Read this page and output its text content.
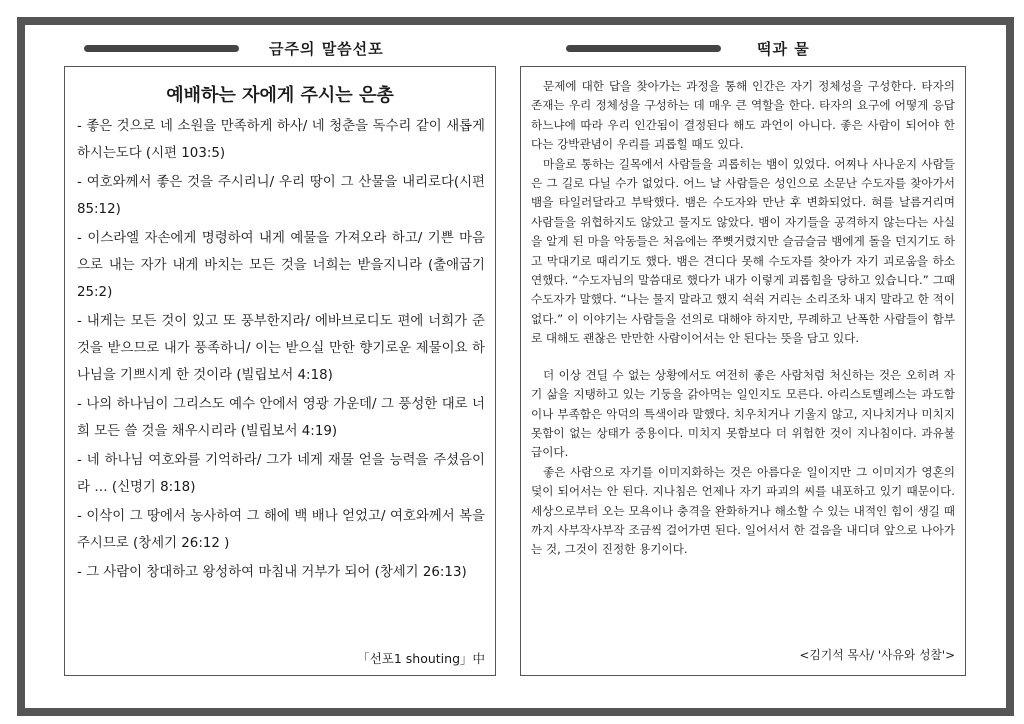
금주의 말씀선포	떡과 물
예배하는 자에게 주시는 은총
- 좋은 것으로 네 소원을 만족하게 하사/ 네 청춘을 독수리 같이 새롭게 하시는도다 (시편 103:5)
- 여호와께서 좋은 것을 주시리니/ 우리 땅이 그 산물을 내리로다(시편 85:12)
- 이스라엘 자손에게 명령하여 내게 예물을 가져오라 하고/ 기쁜 마음으로 내는 자가 내게 바치는 모든 것을 너희는 받을지니라 (출애굽기 25:2)
- 내게는 모든 것이 있고 또 풍부한지라/ 에바브로디도 편에 너희가 준 것을 받으므로 내가 풍족하니/ 이는 받으실 만한 향기로운 제물이요 하나님을 기쁘시게 한 것이라 (빌립보서 4:18)
- 나의 하나님이 그리스도 예수 안에서 영광 가운데/ 그 풍성한 대로 너희 모든 쓸 것을 채우시리라 (빌립보서 4:19)
- 네 하나님 여호와를 기억하라/ 그가 네게 재물 얻을 능력을 주셨음이라 … (신명기 8:18)
- 이삭이 그 땅에서 농사하여 그 해에 백 배나 얻었고/ 여호와께서 복을 주시므로 (창세기 26:12 )
- 그 사람이 창대하고 왕성하여 마침내 거부가 되어 (창세기 26:13)
「선포1 shouting」中

문제에 대한 답을 찾아가는 과정을 통해 인간은 자기 정체성을 구성한다. 타자의 존재는 우리 정체성을 구성하는 데 매우 큰 역할을 한다. 타자의 요구에 어떻게 응답하느냐에 따라 우리 인간됨이 결정된다 해도 과언이 아니다. 좋은 사람이 되어야 한다는 강박관념이 우리를 괴롭힐 때도 있다.

마을로 통하는 길목에서 사람들을 괴롭히는 뱀이 있었다. 어찌나 사나운지 사람들은 그 길로 다닐 수가 없었다. 어느 날 사람들은 성인으로 소문난 수도자를 찾아가서 뱀을 타일러달라고 부탁했다. 뱀은 수도자와 만난 후 변화되었다. 혀를 날름거리며 사람들을 위협하지도 않았고 물지도 않았다. 뱀이 자기들을 공격하지 않는다는 사실을 알게 된 마을 악동들은 처음에는 쭈뼛거렸지만 슬금슬금 뱀에게 돌을 던지기도 하고 막대기로 때리기도 했다. 뱀은 견디다 못해 수도자를 찾아가 자기 괴로움을 하소연했다. “수도자님의 말씀대로 했다가 내가 이렇게 괴롭힘을 당하고 있습니다.” 그때 수도자가 말했다. “나는 물지 말라고 했지 쉭쉭 거리는 소리조차 내지 말라고 한 적이 없다.” 이 이야기는 사람들을 선의로 대해야 하지만, 무례하고 난폭한 사람들이 함부로 대해도 괜찮은 만만한 사람이어서는 안 된다는 뜻을 담고 있다.

더 이상 견딜 수 없는 상황에서도 여전히 좋은 사람처럼 처신하는 것은 오히려 자기 삶을 지탱하고 있는 기둥을 갉아먹는 일인지도 모른다. 아리스토텔레스는 과도함이나 부족함은 악덕의 특색이라 말했다. 치우치거나 기울지 않고, 지나치거나 미치지 못함이 없는 상태가 중용이다. 미치지 못함보다 더 위험한 것이 지나침이다. 과유불급이다.

좋은 사람으로 자기를 이미지화하는 것은 아름다운 일이지만 그 이미지가 영혼의 덫이 되어서는 안 된다. 지나침은 언제나 자기 파괴의 씨를 내포하고 있기 때문이다. 세상으로부터 오는 모욕이나 충격을 완화하거나 해소할 수 있는 내적인 힘이 생길 때까지 사부작사부작 조금씩 걸어가면 된다. 일어서서 한 걸음을 내디뎌 앞으로 나아가는 것, 그것이 진정한 용기이다.

<김기석 목사/ '사유와 성찰'>
